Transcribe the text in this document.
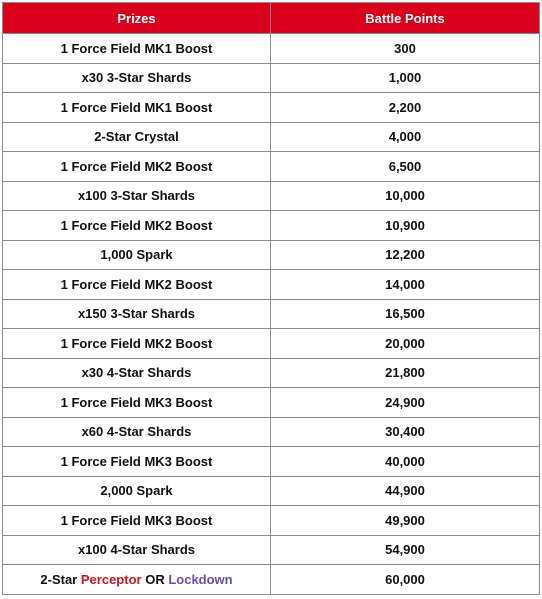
Prizes	Battle Points
1 Force Field MK1 Boost	300
x30 3-Star Shards	1,000
1 Force Field MK1 Boost	2,200
2-Star Crystal	4,000
1 Force Field MK2 Boost	6,500
x100 3-Star Shards	10,000
1 Force Field MK2 Boost	10,900
1,000 Spark	12,200
1 Force Field MK2 Boost	14,000
x150 3-Star Shards	16,500
1 Force Field MK2 Boost	20,000
x30 4-Star Shards	21,800
1 Force Field MK3 Boost	24,900
x60 4-Star Shards	30,400
1 Force Field MK3 Boost	40,000
2,000 Spark	44,900
1 Force Field MK3 Boost	49,900
x100 4-Star Shards	54,900
2-Star Perceptor OR Lockdown	60,000
